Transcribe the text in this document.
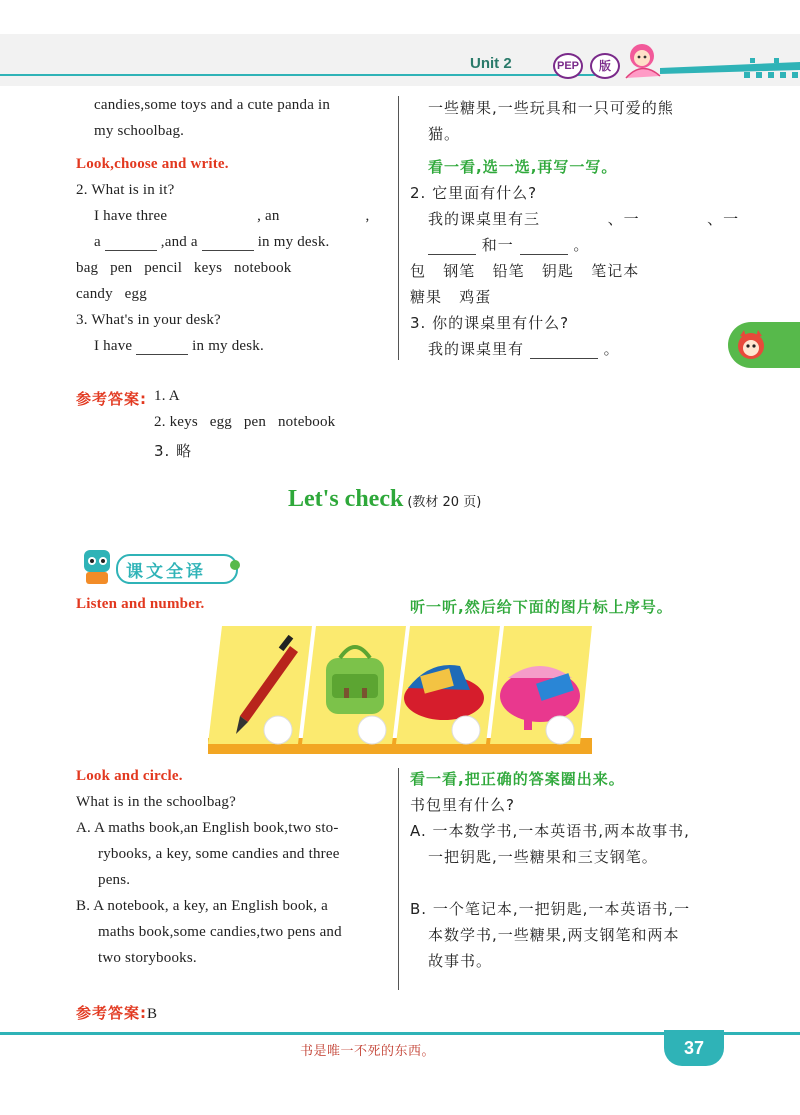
Unit 2	PEP	版
candies,some toys and a cute panda in
my schoolbag.
一些糖果,一些玩具和一只可爱的熊
猫。
Look,choose and write.	看一看,选一选,再写一写。
2. What is in it?	2. 它里面有什么?
I have three	, an	,
a	,and a	in my desk.
我的课桌里有三	、一	、一
和一	。
bag   pen   pencil   keys   notebook
candy   egg
包   钢笔   铅笔   钥匙   笔记本
糖果   鸡蛋
3. What's in your desk?	3. 你的课桌里有什么?
I have	in my desk.	我的课桌里有	。
参考答案: 1. A
2. keys   egg   pen   notebook
3. 略
Let's check (教材 20 页)
课文全译
Listen and number.	听一听,然后给下面的图片标上序号。
Look and circle.	看一看,把正确的答案圈出来。
What is in the schoolbag?	书包里有什么?
A. A maths book,an English book,two sto-
rybooks, a key, some candies and three
pens.
B. A notebook, a key, an English book, a
maths book,some candies,two pens and
two storybooks.
A. 一本数学书,一本英语书,两本故事书,
一把钥匙,一些糖果和三支钢笔。
B. 一个笔记本,一把钥匙,一本英语书,一
本数学书,一些糖果,两支钢笔和两本
故事书。
参考答案:B
书是唯一不死的东西。	37
